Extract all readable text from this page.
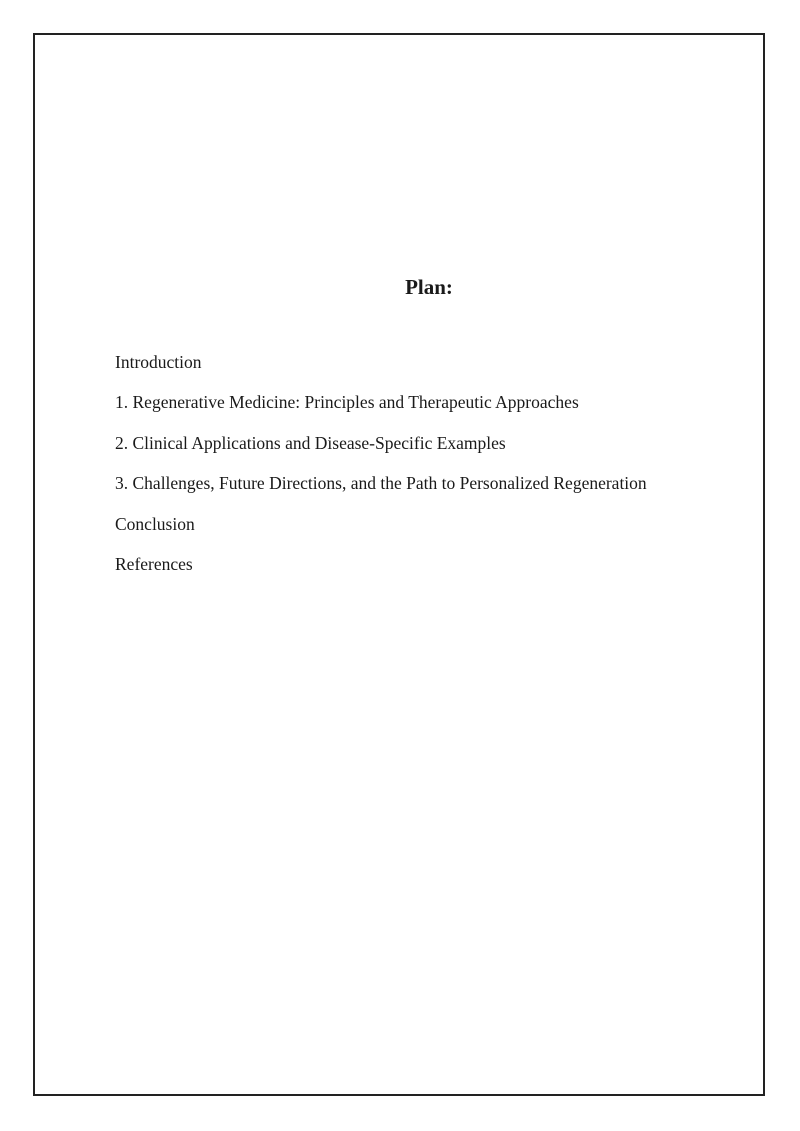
Plan:
Introduction
1. Regenerative Medicine: Principles and Therapeutic Approaches
2. Clinical Applications and Disease-Specific Examples
3. Challenges, Future Directions, and the Path to Personalized Regeneration
Conclusion
References
